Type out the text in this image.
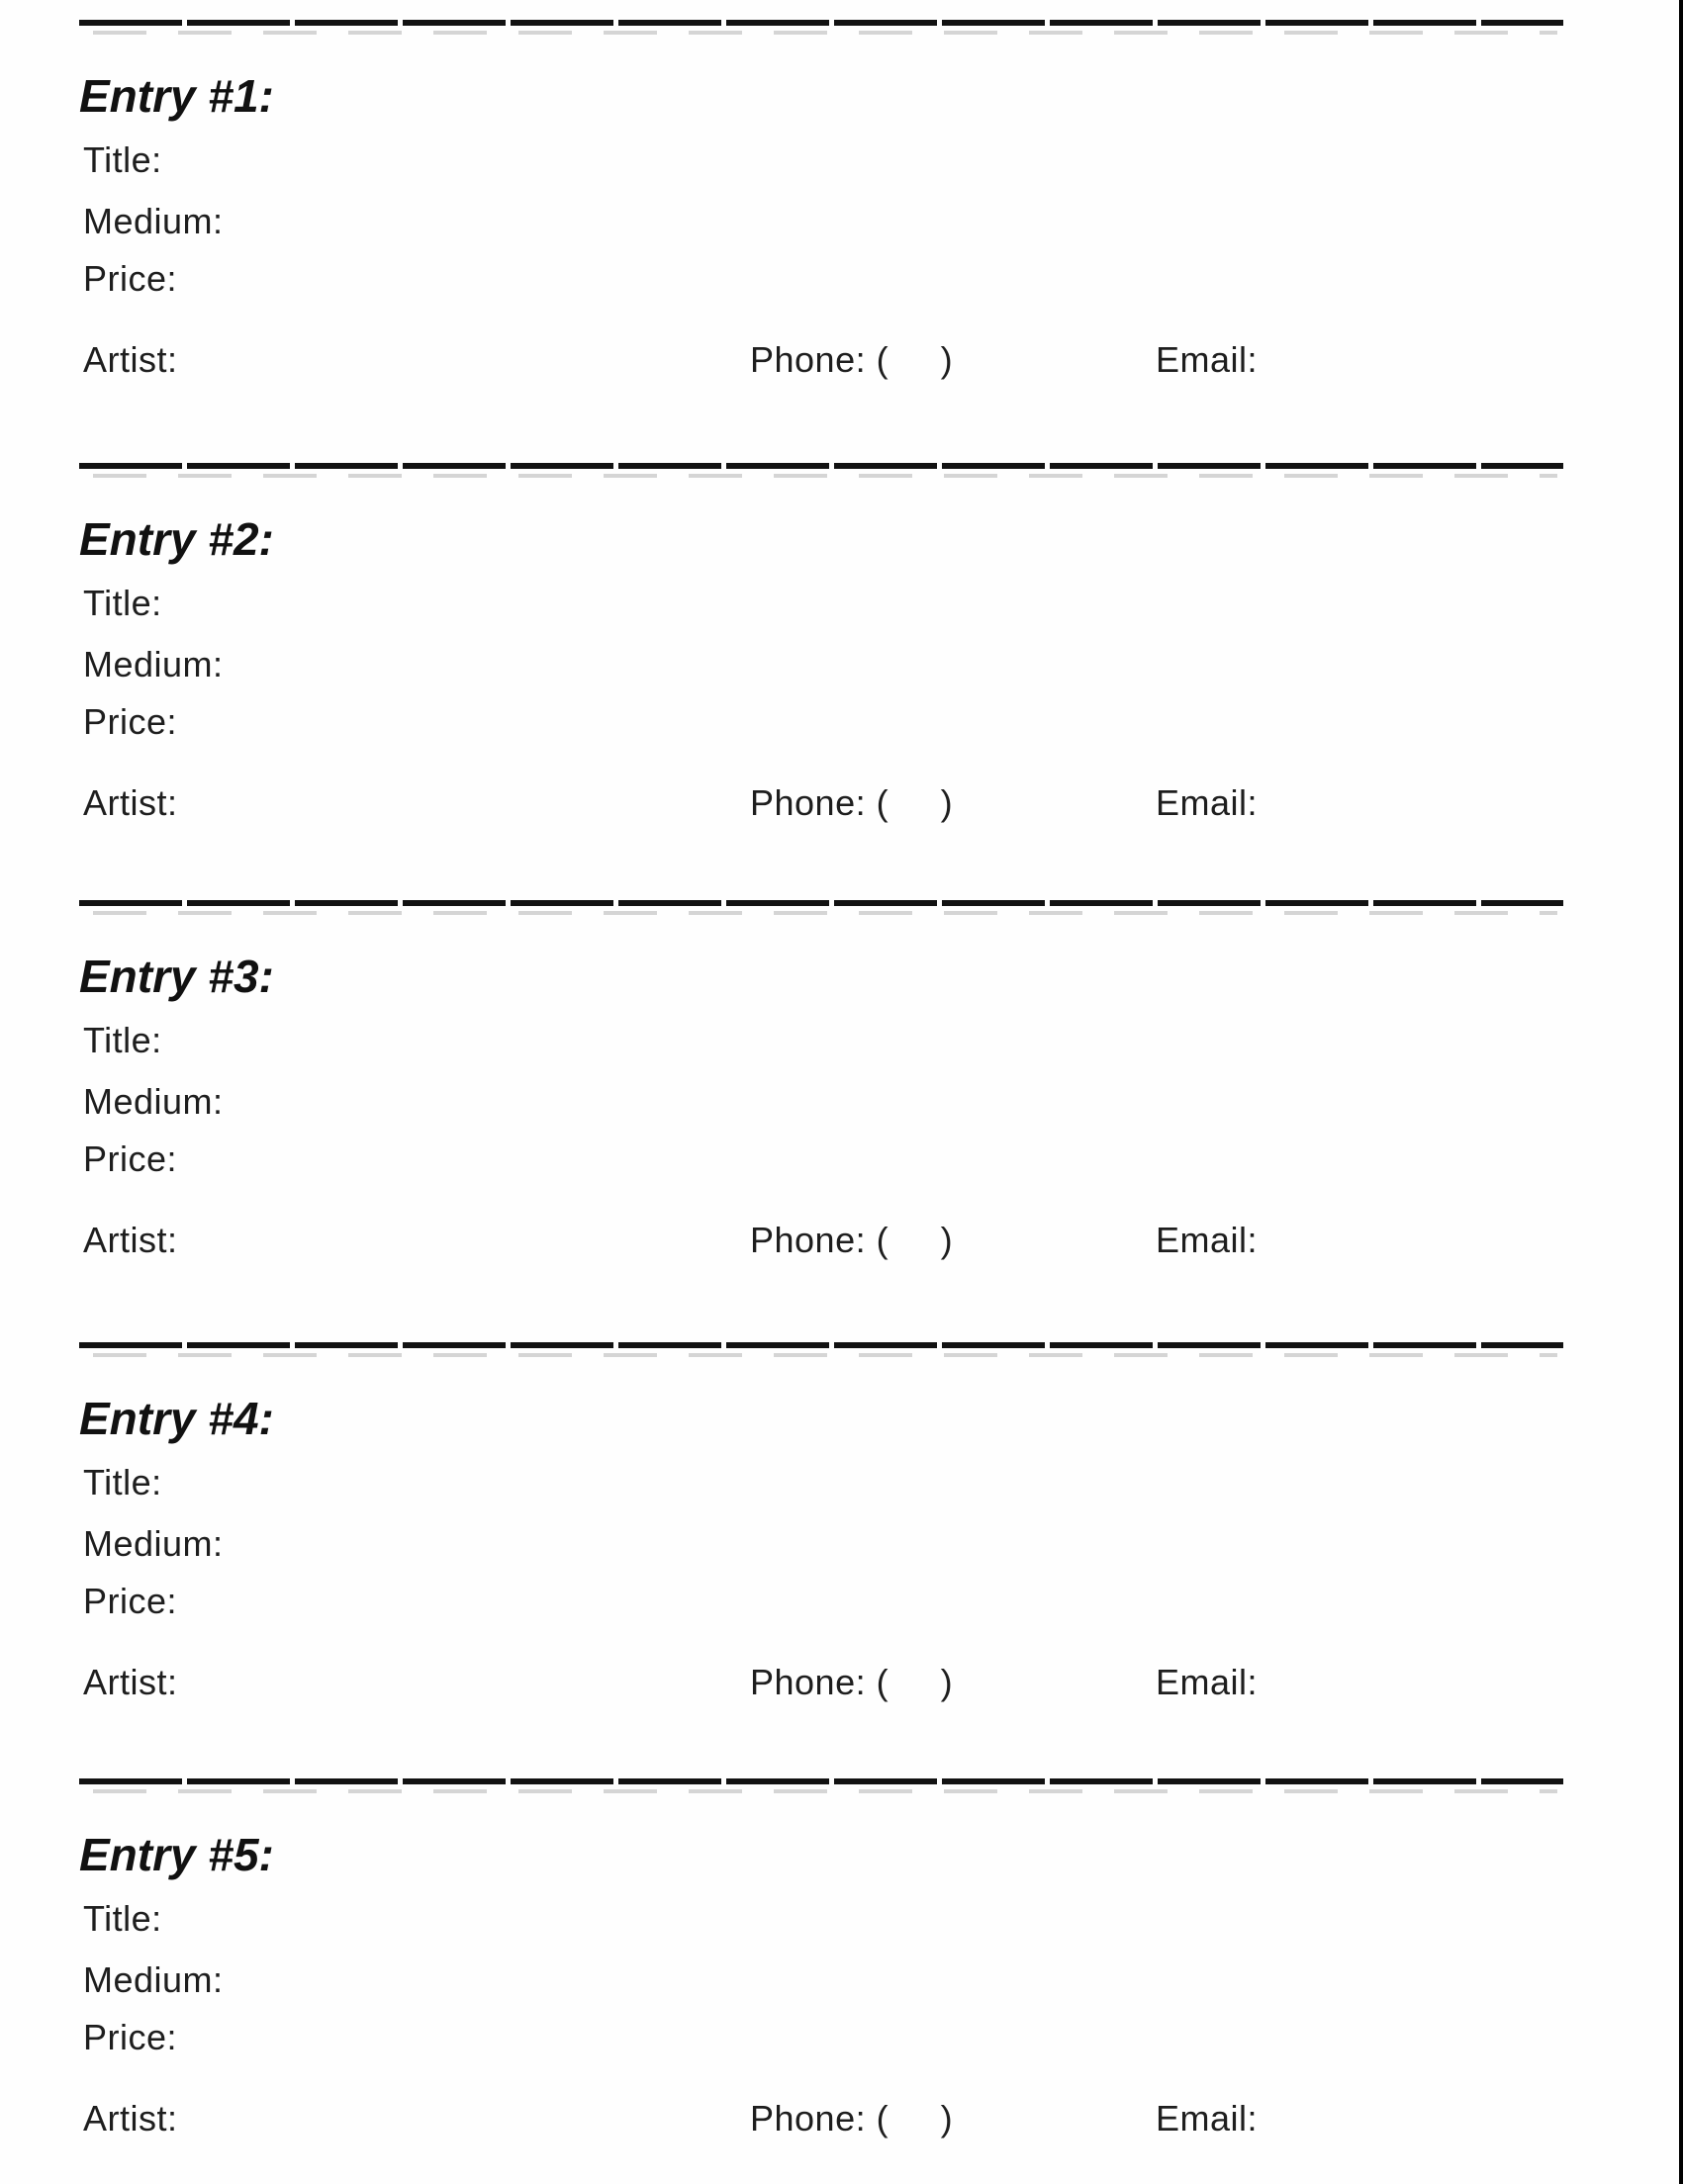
Entry #1:
Title:
Medium:
Price:
Artist:	Phone: (     )	Email:
Entry #2:
Title:
Medium:
Price:
Artist:	Phone: (     )	Email:
Entry #3:
Title:
Medium:
Price:
Artist:	Phone: (     )	Email:
Entry #4:
Title:
Medium:
Price:
Artist:	Phone: (     )	Email:
Entry #5:
Title:
Medium:
Price:
Artist:	Phone: (     )	Email:
